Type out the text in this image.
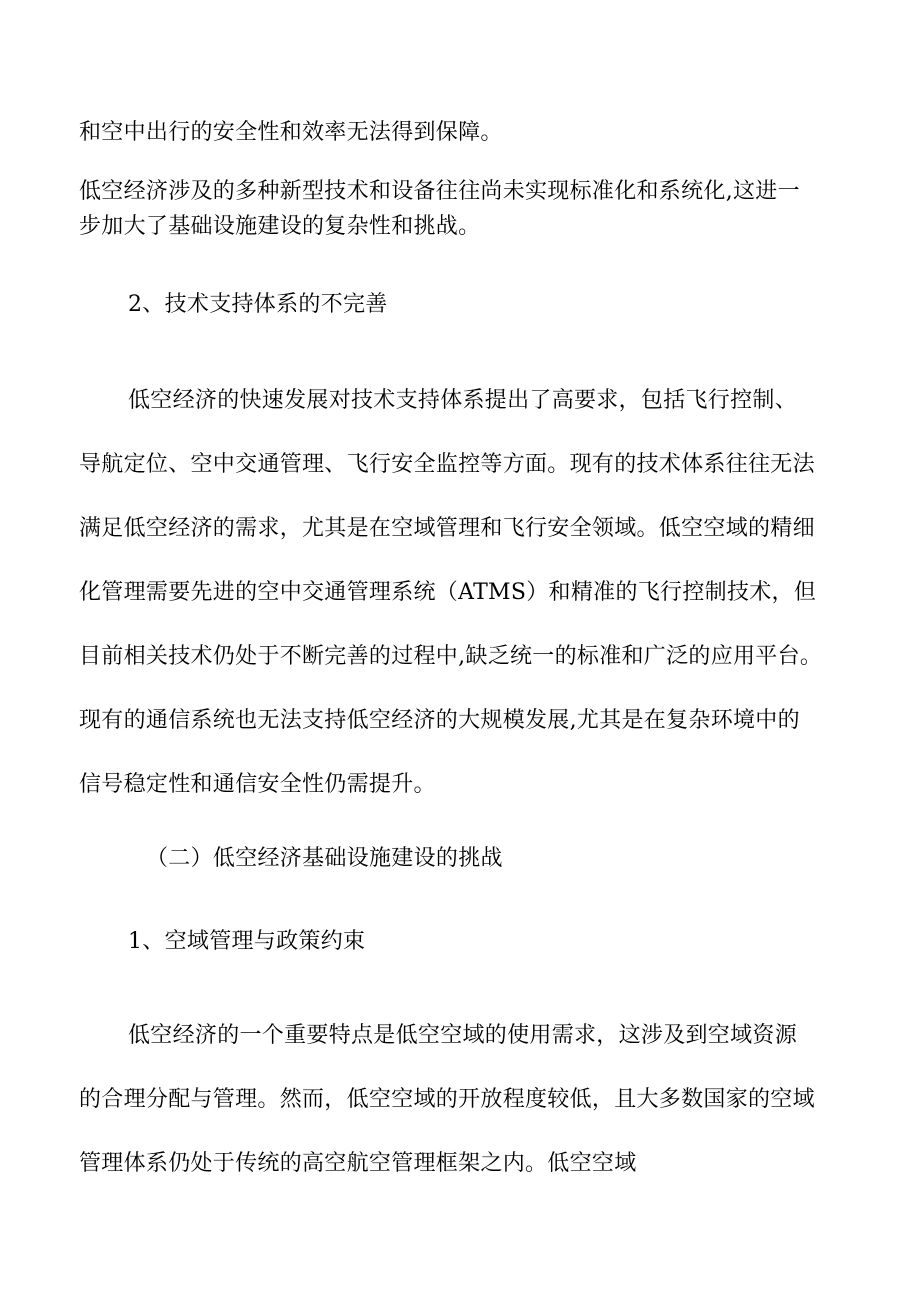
和空中出行的安全性和效率无法得到保障。
低空经济涉及的多种新型技术和设备往往尚未实现标准化和系统化,这进一
步加大了基础设施建设的复杂性和挑战。
2、技术支持体系的不完善
低空经济的快速发展对技术支持体系提出了高要求，包括飞行控制、
导航定位、空中交通管理、飞行安全监控等方面。现有的技术体系往往无法
满足低空经济的需求，尤其是在空域管理和飞行安全领域。低空空域的精细
化管理需要先进的空中交通管理系统（ATMS）和精准的飞行控制技术，但
目前相关技术仍处于不断完善的过程中,缺乏统一的标准和广泛的应用平台。
现有的通信系统也无法支持低空经济的大规模发展,尤其是在复杂环境中的
信号稳定性和通信安全性仍需提升。
（二）低空经济基础设施建设的挑战
1、空域管理与政策约束
低空经济的一个重要特点是低空空域的使用需求，这涉及到空域资源
的合理分配与管理。然而，低空空域的开放程度较低，且大多数国家的空域
管理体系仍处于传统的高空航空管理框架之内。低空空域
